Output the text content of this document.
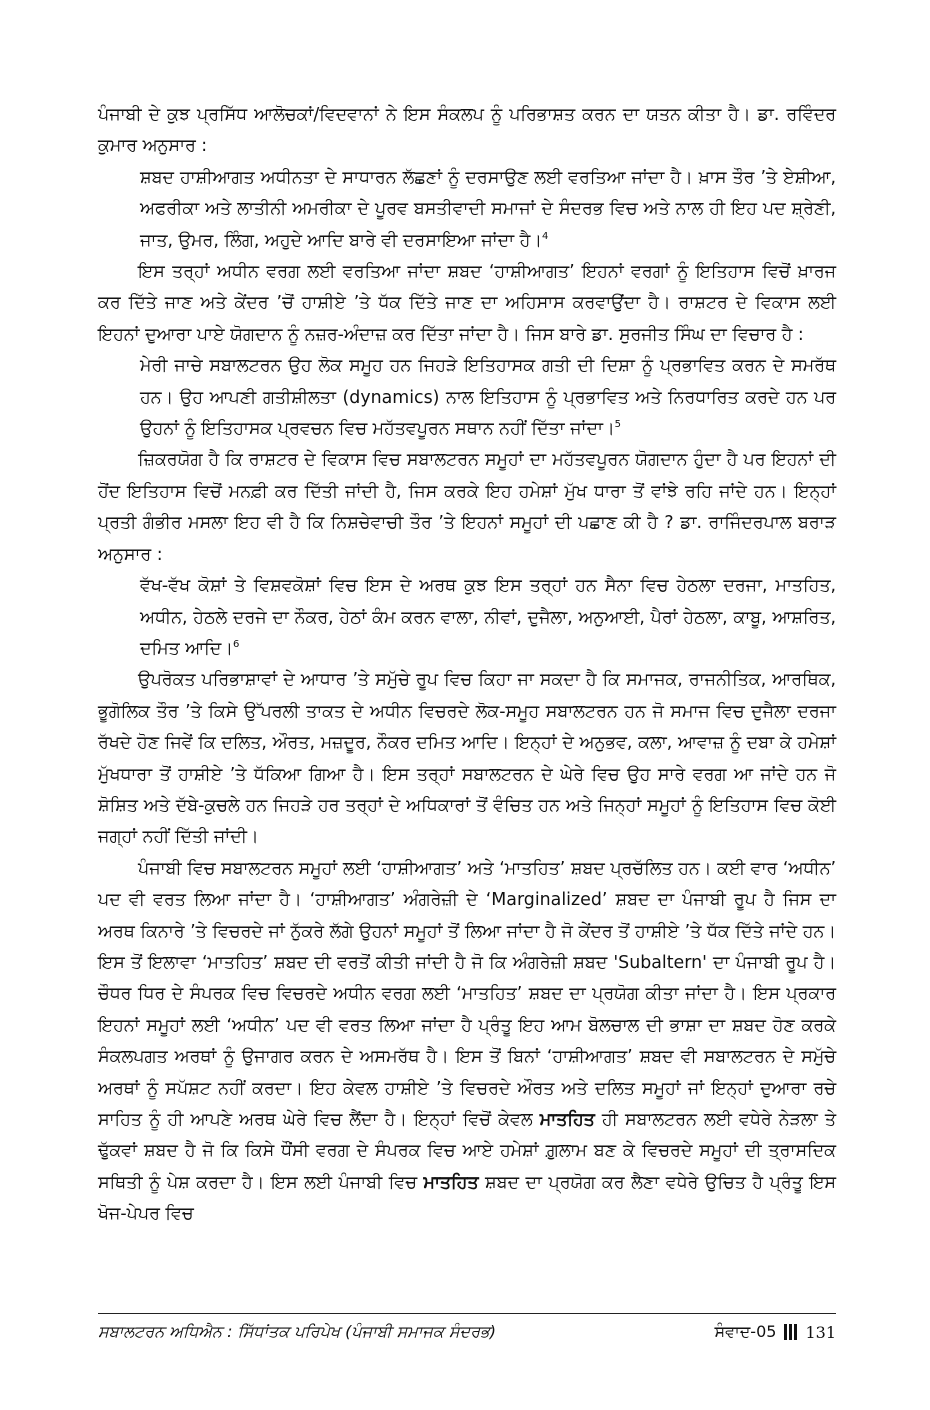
ਪੰਜਾਬੀ ਦੇ ਕੁਝ ਪ੍ਰਸਿੱਧ ਆਲੋਚਕਾਂ/ਵਿਦਵਾਨਾਂ ਨੇ ਇਸ ਸੰਕਲਪ ਨੂੰ ਪਰਿਭਾਸ਼ਤ ਕਰਨ ਦਾ ਯਤਨ ਕੀਤਾ ਹੈ। ਡਾ. ਰਵਿੰਦਰ ਕੁਮਾਰ ਅਨੁਸਾਰ :

ਸ਼ਬਦ ਹਾਸ਼ੀਆਗਤ ਅਧੀਨਤਾ ਦੇ ਸਾਧਾਰਨ ਲੱਛਣਾਂ ਨੂੰ ਦਰਸਾਉਣ ਲਈ ਵਰਤਿਆ ਜਾਂਦਾ ਹੈ। ਖ਼ਾਸ ਤੌਰ ’ਤੇ ਏਸ਼ੀਆ, ਅਫਰੀਕਾ ਅਤੇ ਲਾਤੀਨੀ ਅਮਰੀਕਾ ਦੇ ਪੂਰਵ ਬਸਤੀਵਾਦੀ ਸਮਾਜਾਂ ਦੇ ਸੰਦਰਭ ਵਿਚ ਅਤੇ ਨਾਲ ਹੀ ਇਹ ਪਦ ਸ਼੍ਰੇਣੀ, ਜਾਤ, ਉਮਰ, ਲਿੰਗ, ਅਹੁਦੇ ਆਦਿ ਬਾਰੇ ਵੀ ਦਰਸਾਇਆ ਜਾਂਦਾ ਹੈ।$^4$

ਇਸ ਤਰ੍ਹਾਂ ਅਧੀਨ ਵਰਗ ਲਈ ਵਰਤਿਆ ਜਾਂਦਾ ਸ਼ਬਦ ‘ਹਾਸ਼ੀਆਗਤ’ ਇਹਨਾਂ ਵਰਗਾਂ ਨੂੰ ਇਤਿਹਾਸ ਵਿਚੋਂ ਖ਼ਾਰਜ ਕਰ ਦਿੱਤੇ ਜਾਣ ਅਤੇ ਕੇਂਦਰ ’ਚੋਂ ਹਾਸ਼ੀਏ ’ਤੇ ਧੱਕ ਦਿੱਤੇ ਜਾਣ ਦਾ ਅਹਿਸਾਸ ਕਰਵਾਉਂਦਾ ਹੈ। ਰਾਸ਼ਟਰ ਦੇ ਵਿਕਾਸ ਲਈ ਇਹਨਾਂ ਦੁਆਰਾ ਪਾਏ ਯੋਗਦਾਨ ਨੂੰ ਨਜ਼ਰ-ਅੰਦਾਜ਼ ਕਰ ਦਿੱਤਾ ਜਾਂਦਾ ਹੈ। ਜਿਸ ਬਾਰੇ ਡਾ. ਸੁਰਜੀਤ ਸਿੰਘ ਦਾ ਵਿਚਾਰ ਹੈ :

ਮੇਰੀ ਜਾਚੇ ਸਬਾਲਟਰਨ ਉਹ ਲੋਕ ਸਮੂਹ ਹਨ ਜਿਹੜੇ ਇਤਿਹਾਸਕ ਗਤੀ ਦੀ ਦਿਸ਼ਾ ਨੂੰ ਪ੍ਰਭਾਵਿਤ ਕਰਨ ਦੇ ਸਮਰੱਥ ਹਨ। ਉਹ ਆਪਣੀ ਗਤੀਸ਼ੀਲਤਾ (dynamics) ਨਾਲ ਇਤਿਹਾਸ ਨੂੰ ਪ੍ਰਭਾਵਿਤ ਅਤੇ ਨਿਰਧਾਰਿਤ ਕਰਦੇ ਹਨ ਪਰ ਉਹਨਾਂ ਨੂੰ ਇਤਿਹਾਸਕ ਪ੍ਰਵਚਨ ਵਿਚ ਮਹੱਤਵਪੂਰਨ ਸਥਾਨ ਨਹੀਂ ਦਿੱਤਾ ਜਾਂਦਾ।$^5$

ਜ਼ਿਕਰਯੋਗ ਹੈ ਕਿ ਰਾਸ਼ਟਰ ਦੇ ਵਿਕਾਸ ਵਿਚ ਸਬਾਲਟਰਨ ਸਮੂਹਾਂ ਦਾ ਮਹੱਤਵਪੂਰਨ ਯੋਗਦਾਨ ਹੁੰਦਾ ਹੈ ਪਰ ਇਹਨਾਂ ਦੀ ਹੋਂਦ ਇਤਿਹਾਸ ਵਿਚੋਂ ਮਨਫ਼ੀ ਕਰ ਦਿੱਤੀ ਜਾਂਦੀ ਹੈ, ਜਿਸ ਕਰਕੇ ਇਹ ਹਮੇਸ਼ਾਂ ਮੁੱਖ ਧਾਰਾ ਤੋਂ ਵਾਂਝੇ ਰਹਿ ਜਾਂਦੇ ਹਨ। ਇਨ੍ਹਾਂ ਪ੍ਰਤੀ ਗੰਭੀਰ ਮਸਲਾ ਇਹ ਵੀ ਹੈ ਕਿ ਨਿਸ਼ਚੇਵਾਚੀ ਤੌਰ ’ਤੇ ਇਹਨਾਂ ਸਮੂਹਾਂ ਦੀ ਪਛਾਣ ਕੀ ਹੈ ? ਡਾ. ਰਾਜਿੰਦਰਪਾਲ ਬਰਾੜ ਅਨੁਸਾਰ :

ਵੱਖ-ਵੱਖ ਕੋਸ਼ਾਂ ਤੇ ਵਿਸ਼ਵਕੋਸ਼ਾਂ ਵਿਚ ਇਸ ਦੇ ਅਰਥ ਕੁਝ ਇਸ ਤਰ੍ਹਾਂ ਹਨ ਸੈਨਾ ਵਿਚ ਹੇਠਲਾ ਦਰਜਾ, ਮਾਤਹਿਤ, ਅਧੀਨ, ਹੇਠਲੇ ਦਰਜੇ ਦਾ ਨੌਕਰ, ਹੇਠਾਂ ਕੰਮ ਕਰਨ ਵਾਲਾ, ਨੀਵਾਂ, ਦੁਜੈਲਾ, ਅਨੁਆਈ, ਪੈਰਾਂ ਹੇਠਲਾ, ਕਾਬੂ, ਆਸ਼ਰਿਤ, ਦਮਿਤ ਆਦਿ।$^6$

ਉਪਰੋਕਤ ਪਰਿਭਾਸ਼ਾਵਾਂ ਦੇ ਆਧਾਰ ’ਤੇ ਸਮੁੱਚੇ ਰੂਪ ਵਿਚ ਕਿਹਾ ਜਾ ਸਕਦਾ ਹੈ ਕਿ ਸਮਾਜਕ, ਰਾਜਨੀਤਿਕ, ਆਰਥਿਕ, ਭੂਗੋਲਿਕ ਤੌਰ ’ਤੇ ਕਿਸੇ ਉੱਪਰਲੀ ਤਾਕਤ ਦੇ ਅਧੀਨ ਵਿਚਰਦੇ ਲੋਕ-ਸਮੂਹ ਸਬਾਲਟਰਨ ਹਨ ਜੋ ਸਮਾਜ ਵਿਚ ਦੁਜੈਲਾ ਦਰਜਾ ਰੱਖਦੇ ਹੋਣ ਜਿਵੇਂ ਕਿ ਦਲਿਤ, ਔਰਤ, ਮਜ਼ਦੂਰ, ਨੌਕਰ ਦਮਿਤ ਆਦਿ। ਇਨ੍ਹਾਂ ਦੇ ਅਨੁਭਵ, ਕਲਾ, ਆਵਾਜ਼ ਨੂੰ ਦਬਾ ਕੇ ਹਮੇਸ਼ਾਂ ਮੁੱਖਧਾਰਾ ਤੋਂ ਹਾਸ਼ੀਏ ’ਤੇ ਧੱਕਿਆ ਗਿਆ ਹੈ। ਇਸ ਤਰ੍ਹਾਂ ਸਬਾਲਟਰਨ ਦੇ ਘੇਰੇ ਵਿਚ ਉਹ ਸਾਰੇ ਵਰਗ ਆ ਜਾਂਦੇ ਹਨ ਜੋ ਸ਼ੋਸ਼ਿਤ ਅਤੇ ਦੱਬੇ-ਕੁਚਲੇ ਹਨ ਜਿਹੜੇ ਹਰ ਤਰ੍ਹਾਂ ਦੇ ਅਧਿਕਾਰਾਂ ਤੋਂ ਵੰਚਿਤ ਹਨ ਅਤੇ ਜਿਨ੍ਹਾਂ ਸਮੂਹਾਂ ਨੂੰ ਇਤਿਹਾਸ ਵਿਚ ਕੋਈ ਜਗ੍ਹਾਂ ਨਹੀਂ ਦਿੱਤੀ ਜਾਂਦੀ।

ਪੰਜਾਬੀ ਵਿਚ ਸਬਾਲਟਰਨ ਸਮੂਹਾਂ ਲਈ ‘ਹਾਸ਼ੀਆਗਤ’ ਅਤੇ ‘ਮਾਤਹਿਤ’ ਸ਼ਬਦ ਪ੍ਰਚੱਲਿਤ ਹਨ। ਕਈ ਵਾਰ ‘ਅਧੀਨ’ ਪਦ ਵੀ ਵਰਤ ਲਿਆ ਜਾਂਦਾ ਹੈ। ‘ਹਾਸ਼ੀਆਗਤ’ ਅੰਗਰੇਜ਼ੀ ਦੇ ‘Marginalized’ ਸ਼ਬਦ ਦਾ ਪੰਜਾਬੀ ਰੂਪ ਹੈ ਜਿਸ ਦਾ ਅਰਥ ਕਿਨਾਰੇ ’ਤੇ ਵਿਚਰਦੇ ਜਾਂ ਨੁੱਕਰੇ ਲੱਗੇ ਉਹਨਾਂ ਸਮੂਹਾਂ ਤੋਂ ਲਿਆ ਜਾਂਦਾ ਹੈ ਜੋ ਕੇਂਦਰ ਤੋਂ ਹਾਸ਼ੀਏ ’ਤੇ ਧੱਕ ਦਿੱਤੇ ਜਾਂਦੇ ਹਨ। ਇਸ ਤੋਂ ਇਲਾਵਾ ‘ਮਾਤਹਿਤ’ ਸ਼ਬਦ ਦੀ ਵਰਤੋਂ ਕੀਤੀ ਜਾਂਦੀ ਹੈ ਜੋ ਕਿ ਅੰਗਰੇਜ਼ੀ ਸ਼ਬਦ 'Subaltern' ਦਾ ਪੰਜਾਬੀ ਰੂਪ ਹੈ। ਚੌਧਰ ਧਿਰ ਦੇ ਸੰਪਰਕ ਵਿਚ ਵਿਚਰਦੇ ਅਧੀਨ ਵਰਗ ਲਈ ‘ਮਾਤਹਿਤ’ ਸ਼ਬਦ ਦਾ ਪ੍ਰਯੋਗ ਕੀਤਾ ਜਾਂਦਾ ਹੈ। ਇਸ ਪ੍ਰਕਾਰ ਇਹਨਾਂ ਸਮੂਹਾਂ ਲਈ ‘ਅਧੀਨ’ ਪਦ ਵੀ ਵਰਤ ਲਿਆ ਜਾਂਦਾ ਹੈ ਪ੍ਰੰਤੂ ਇਹ ਆਮ ਬੋਲਚਾਲ ਦੀ ਭਾਸ਼ਾ ਦਾ ਸ਼ਬਦ ਹੋਣ ਕਰਕੇ ਸੰਕਲਪਗਤ ਅਰਥਾਂ ਨੂੰ ਉਜਾਗਰ ਕਰਨ ਦੇ ਅਸਮਰੱਥ ਹੈ। ਇਸ ਤੋਂ ਬਿਨਾਂ ‘ਹਾਸ਼ੀਆਗਤ’ ਸ਼ਬਦ ਵੀ ਸਬਾਲਟਰਨ ਦੇ ਸਮੁੱਚੇ ਅਰਥਾਂ ਨੂੰ ਸਪੱਸ਼ਟ ਨਹੀਂ ਕਰਦਾ। ਇਹ ਕੇਵਲ ਹਾਸ਼ੀਏ ’ਤੇ ਵਿਚਰਦੇ ਔਰਤ ਅਤੇ ਦਲਿਤ ਸਮੂਹਾਂ ਜਾਂ ਇਨ੍ਹਾਂ ਦੁਆਰਾ ਰਚੇ ਸਾਹਿਤ ਨੂੰ ਹੀ ਆਪਣੇ ਅਰਥ ਘੇਰੇ ਵਿਚ ਲੈਂਦਾ ਹੈ। ਇਨ੍ਹਾਂ ਵਿਚੋਂ ਕੇਵਲ ਮਾਤਹਿਤ ਹੀ ਸਬਾਲਟਰਨ ਲਈ ਵਧੇਰੇ ਨੇੜਲਾ ਤੇ ਢੁੱਕਵਾਂ ਸ਼ਬਦ ਹੈ ਜੋ ਕਿ ਕਿਸੇ ਧੌਂਸੀ ਵਰਗ ਦੇ ਸੰਪਰਕ ਵਿਚ ਆਏ ਹਮੇਸ਼ਾਂ ਗ਼ੁਲਾਮ ਬਣ ਕੇ ਵਿਚਰਦੇ ਸਮੂਹਾਂ ਦੀ ਤ੍ਰਾਸਦਿਕ ਸਥਿਤੀ ਨੂੰ ਪੇਸ਼ ਕਰਦਾ ਹੈ। ਇਸ ਲਈ ਪੰਜਾਬੀ ਵਿਚ ਮਾਤਹਿਤ ਸ਼ਬਦ ਦਾ ਪ੍ਰਯੋਗ ਕਰ ਲੈਣਾ ਵਧੇਰੇ ਉਚਿਤ ਹੈ ਪ੍ਰੰਤੂ ਇਸ ਖੋਜ-ਪੇਪਰ ਵਿਚ

ਸਬਾਲਟਰਨ ਅਧਿਐਨ : ਸਿੱਧਾਂਤਕ ਪਰਿਪੇਖ (ਪੰਜਾਬੀ ਸਮਾਜਕ ਸੰਦਰਭ)	ਸੰਵਾਦ-05 131
